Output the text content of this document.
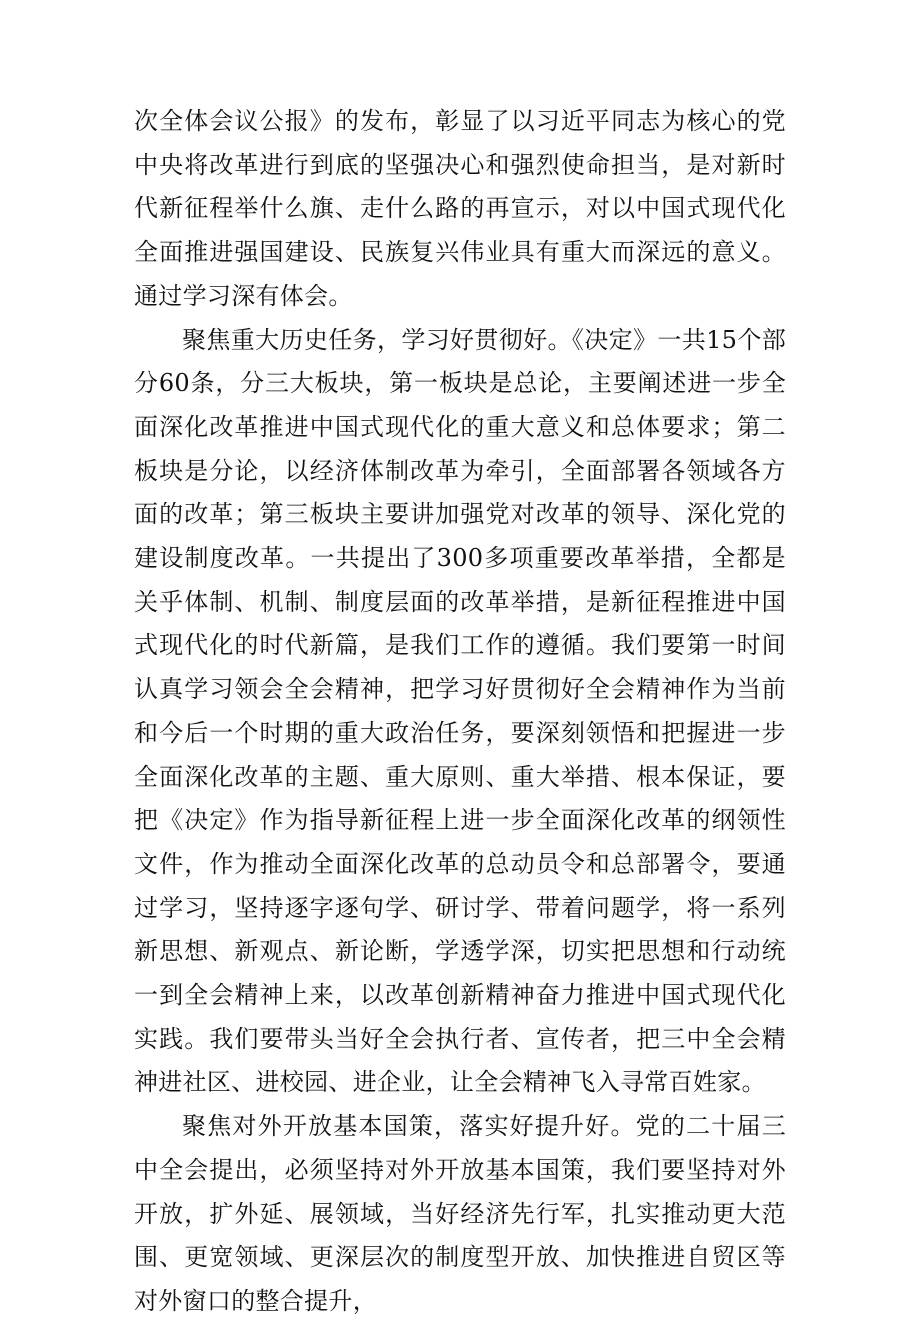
次全体会议公报》的发布，彰显了以习近平同志为核心的党中央将改革进行到底的坚强决心和强烈使命担当，是对新时代新征程举什么旗、走什么路的再宣示，对以中国式现代化全面推进强国建设、民族复兴伟业具有重大而深远的意义。通过学习深有体会。

聚焦重大历史任务，学习好贯彻好。《决定》一共15个部分60条，分三大板块，第一板块是总论，主要阐述进一步全面深化改革推进中国式现代化的重大意义和总体要求；第二板块是分论，以经济体制改革为牵引，全面部署各领域各方面的改革；第三板块主要讲加强党对改革的领导、深化党的建设制度改革。一共提出了300多项重要改革举措，全都是关乎体制、机制、制度层面的改革举措，是新征程推进中国式现代化的时代新篇，是我们工作的遵循。我们要第一时间认真学习领会全会精神，把学习好贯彻好全会精神作为当前和今后一个时期的重大政治任务，要深刻领悟和把握进一步全面深化改革的主题、重大原则、重大举措、根本保证，要把《决定》作为指导新征程上进一步全面深化改革的纲领性文件，作为推动全面深化改革的总动员令和总部署令，要通过学习，坚持逐字逐句学、研讨学、带着问题学，将一系列新思想、新观点、新论断，学透学深，切实把思想和行动统一到全会精神上来，以改革创新精神奋力推进中国式现代化实践。我们要带头当好全会执行者、宣传者，把三中全会精神进社区、进校园、进企业，让全会精神飞入寻常百姓家。

聚焦对外开放基本国策，落实好提升好。党的二十届三中全会提出，必须坚持对外开放基本国策，我们要坚持对外开放，扩外延、展领域，当好经济先行军，扎实推动更大范围、更宽领域、更深层次的制度型开放、加快推进自贸区等对外窗口的整合提升，
